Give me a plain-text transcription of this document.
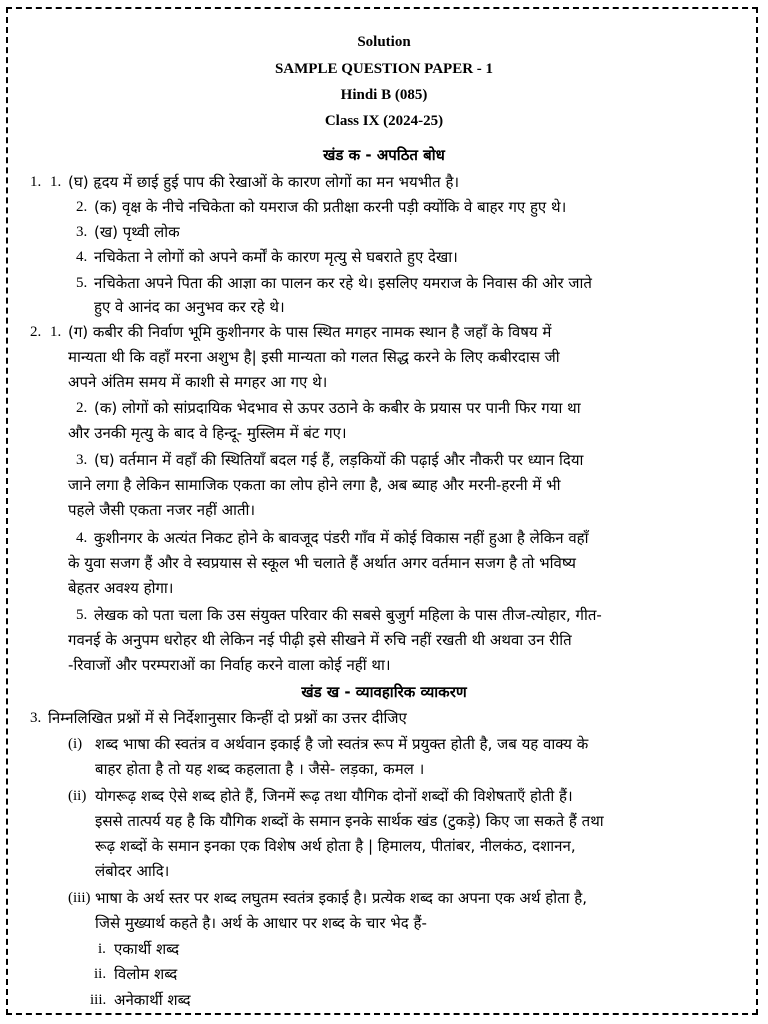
Solution
SAMPLE QUESTION PAPER - 1
Hindi B (085)
Class IX (2024-25)
खंड क - अपठित बोध
1. 1. (घ) हृदय में छाई हुई पाप की रेखाओं के कारण लोगों का मन भयभीत है।
2. (क) वृक्ष के नीचे नचिकेता को यमराज की प्रतीक्षा करनी पड़ी क्योंकि वे बाहर गए हुए थे।
3. (ख) पृथ्वी लोक
4. नचिकेता ने लोगों को अपने कर्मों के कारण मृत्यु से घबराते हुए देखा।
5. नचिकेता अपने पिता की आज्ञा का पालन कर रहे थे। इसलिए यमराज के निवास की ओर जाते
हुए वे आनंद का अनुभव कर रहे थे।
2. 1. (ग) कबीर की निर्वाण भूमि कुशीनगर के पास स्थित मगहर नामक स्थान है जहाँ के विषय में
मान्यता थी कि वहाँ मरना अशुभ है| इसी मान्यता को गलत सिद्ध करने के लिए कबीरदास जी
अपने अंतिम समय में काशी से मगहर आ गए थे।
2. (क) लोगों को सांप्रदायिक भेदभाव से ऊपर उठाने के कबीर के प्रयास पर पानी फिर गया था
और उनकी मृत्यु के बाद वे हिन्दू- मुस्लिम में बंट गए।
3. (घ) वर्तमान में वहाँ की स्थितियाँ बदल गई हैं, लड़कियों की पढ़ाई और नौकरी पर ध्यान दिया
जाने लगा है लेकिन सामाजिक एकता का लोप होने लगा है, अब ब्याह और मरनी-हरनी में भी
पहले जैसी एकता नजर नहीं आती।
4. कुशीनगर के अत्यंत निकट होने के बावजूद पंडरी गाँव में कोई विकास नहीं हुआ है लेकिन वहाँ
के युवा सजग हैं और वे स्वप्रयास से स्कूल भी चलाते हैं अर्थात अगर वर्तमान सजग है तो भविष्य
बेहतर अवश्य होगा।
5. लेखक को पता चला कि उस संयुक्त परिवार की सबसे बुजुर्ग महिला के पास तीज-त्योहार, गीत-
गवनई के अनुपम धरोहर थी लेकिन नई पीढ़ी इसे सीखने में रुचि नहीं रखती थी अथवा उन रीति
-रिवाजों और परम्पराओं का निर्वाह करने वाला कोई नहीं था।
खंड ख - व्यावहारिक व्याकरण
3. निम्नलिखित प्रश्नों में से निर्देशानुसार किन्हीं दो प्रश्नों का उत्तर दीजिए
(i) शब्द भाषा की स्वतंत्र व अर्थवान इकाई है जो स्वतंत्र रूप में प्रयुक्त होती है, जब यह वाक्य के
बाहर होता है तो यह शब्द कहलाता है । जैसे- लड़का, कमल ।
(ii) योगरूढ़ शब्द ऐसे शब्द होते हैं, जिनमें रूढ़ तथा यौगिक दोनों शब्दों की विशेषताएँ होती हैं।
इससे तात्पर्य यह है कि यौगिक शब्दों के समान इनके सार्थक खंड (टुकड़े) किए जा सकते हैं तथा
रूढ़ शब्दों के समान इनका एक विशेष अर्थ होता है | हिमालय, पीतांबर, नीलकंठ, दशानन,
लंबोदर आदि।
(iii) भाषा के अर्थ स्तर पर शब्द लघुतम स्वतंत्र इकाई है। प्रत्येक शब्द का अपना एक अर्थ होता है,
जिसे मुख्यार्थ कहते है। अर्थ के आधार पर शब्द के चार भेद हैं-
i. एकार्थी शब्द
ii. विलोम शब्द
iii. अनेकार्थी शब्द
